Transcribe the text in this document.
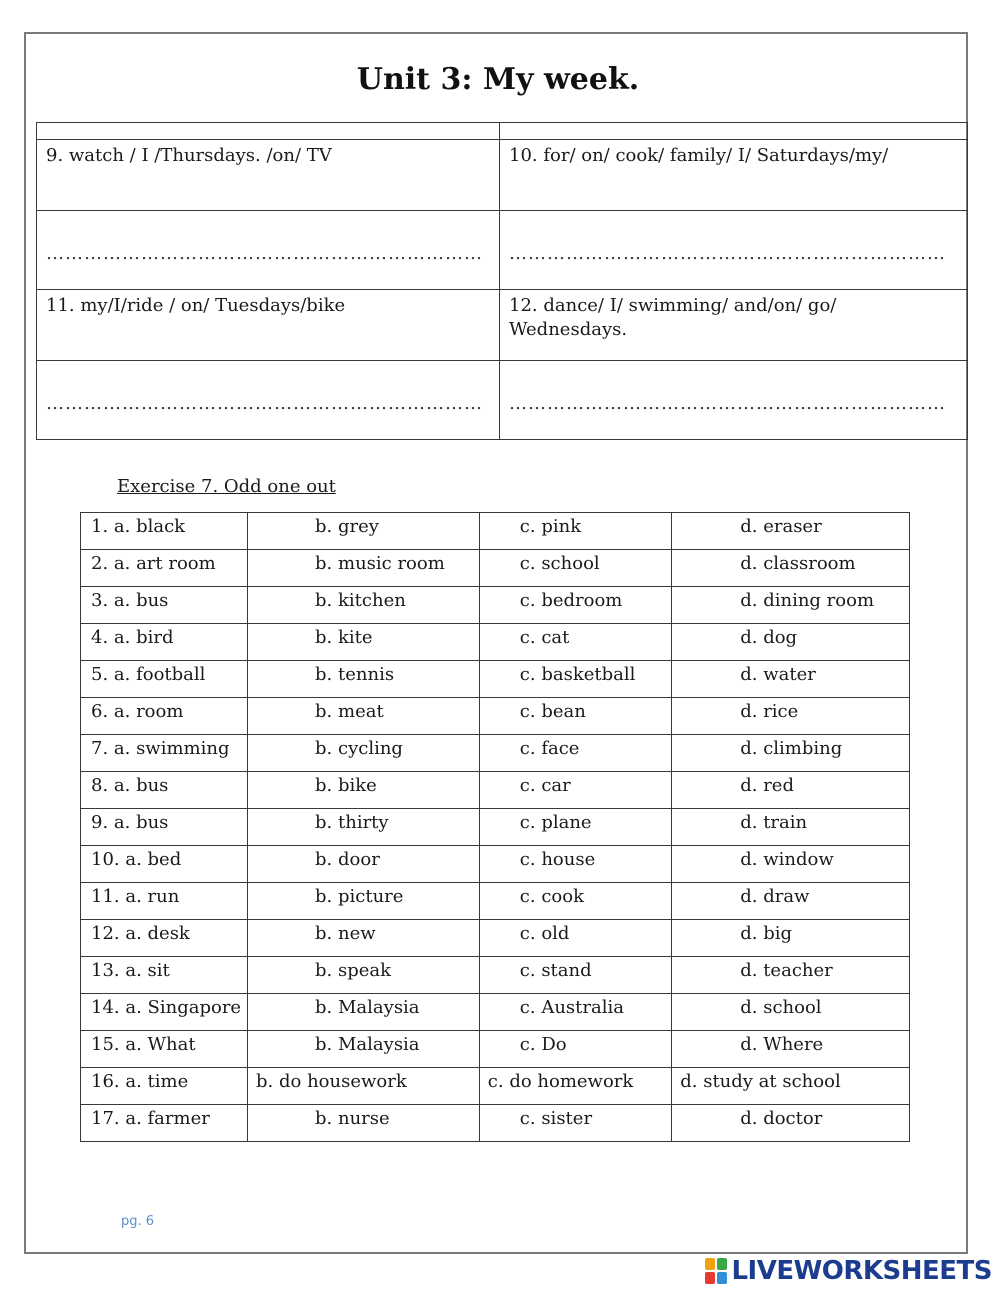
Unit 3: My week.

9. watch / I /Thursdays. /on/ TV	10. for/ on/ cook/ family/ I/ Saturdays/my/
……………………………………………………………	……………………………………………………………
11. my/I/ride / on/ Tuesdays/bike	12. dance/ I/ swimming/ and/on/ go/ Wednesdays.
……………………………………………………………	……………………………………………………………
Exercise 7. Odd one out
1. a. black	b. grey	c. pink	d. eraser
2. a. art room	b. music room	c. school	d. classroom
3. a. bus	b. kitchen	c. bedroom	d. dining room
4. a. bird	b. kite	c. cat	d. dog
5. a. football	b. tennis	c. basketball	d. water
6. a. room	b. meat	c. bean	d. rice
7. a. swimming	b. cycling	c. face	d. climbing
8. a. bus	b. bike	c. car	d. red
9. a. bus	b. thirty	c. plane	d. train
10. a. bed	b. door	c. house	d. window
11. a. run	b. picture	c. cook	d. draw
12. a. desk	b. new	c. old	d. big
13. a. sit	b. speak	c. stand	d. teacher
14. a. Singapore	b. Malaysia	c. Australia	d. school
15. a. What	b. Malaysia	c. Do	d. Where
16. a. time	b. do housework	c. do homework	d. study at school
17. a. farmer	b. nurse	c. sister	d. doctor
pg. 6
LIVEWORKSHEETS
